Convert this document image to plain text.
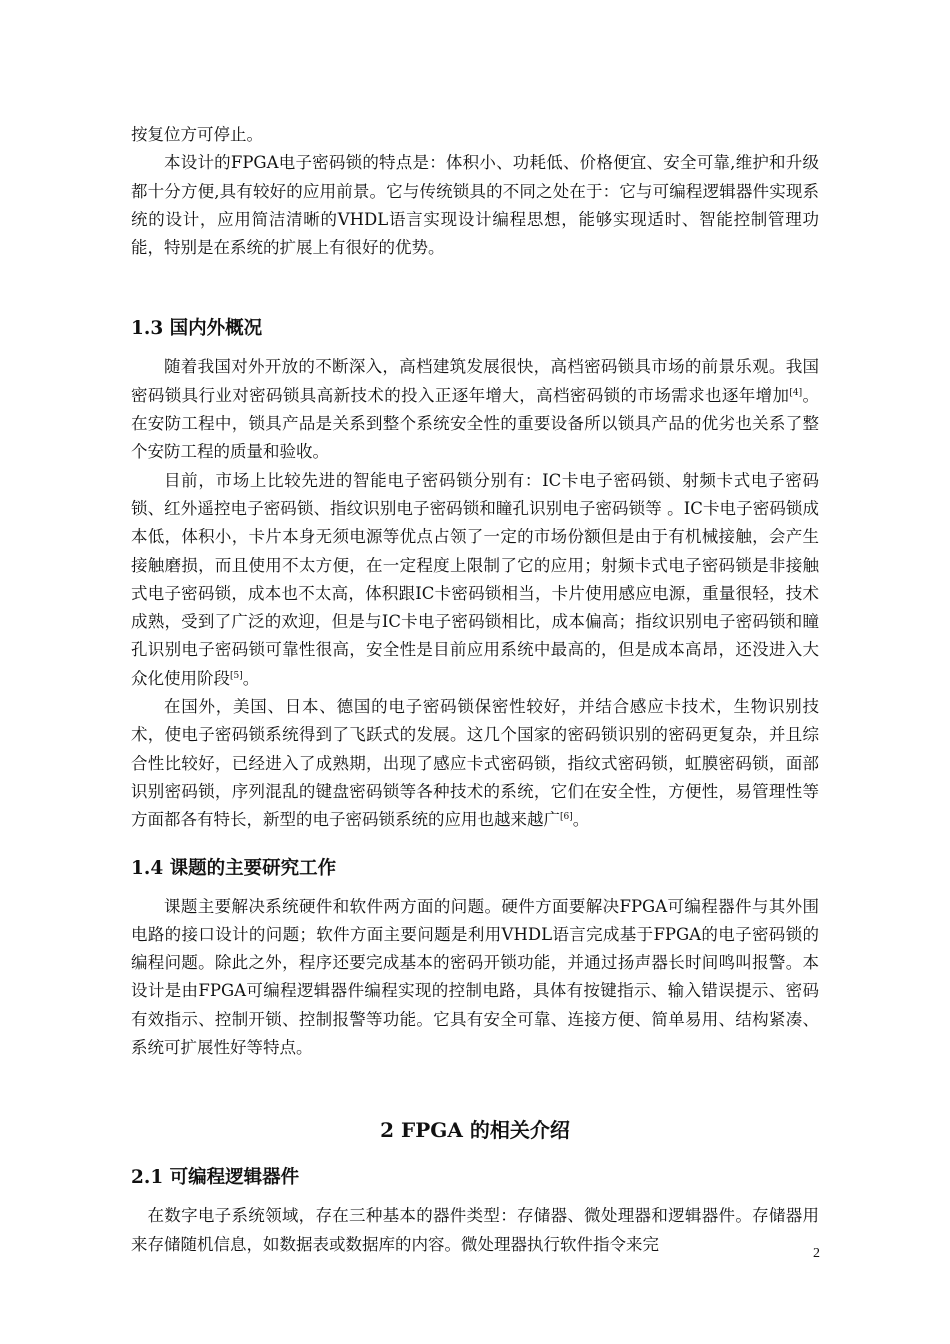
按复位方可停止。

本设计的FPGA电子密码锁的特点是：体积小、功耗低、价格便宜、安全可靠,维护和升级都十分方便,具有较好的应用前景。它与传统锁具的不同之处在于：它与可编程逻辑器件实现系统的设计，应用简洁清晰的VHDL语言实现设计编程思想，能够实现适时、智能控制管理功能，特别是在系统的扩展上有很好的优势。

1.3 国内外概况

随着我国对外开放的不断深入，高档建筑发展很快，高档密码锁具市场的前景乐观。我国密码锁具行业对密码锁具高新技术的投入正逐年增大，高档密码锁的市场需求也逐年增加[4]。在安防工程中，锁具产品是关系到整个系统安全性的重要设备所以锁具产品的优劣也关系了整个安防工程的质量和验收。

目前，市场上比较先进的智能电子密码锁分别有：IC卡电子密码锁、射频卡式电子密码锁、红外遥控电子密码锁、指纹识别电子密码锁和瞳孔识别电子密码锁等 。IC卡电子密码锁成本低，体积小，卡片本身无须电源等优点占领了一定的市场份额但是由于有机械接触，会产生接触磨损，而且使用不太方便，在一定程度上限制了它的应用；射频卡式电子密码锁是非接触式电子密码锁，成本也不太高，体积跟IC卡密码锁相当，卡片使用感应电源，重量很轻，技术成熟，受到了广泛的欢迎，但是与IC卡电子密码锁相比，成本偏高；指纹识别电子密码锁和瞳孔识别电子密码锁可靠性很高，安全性是目前应用系统中最高的，但是成本高昂，还没进入大众化使用阶段[5]。

在国外，美国、日本、德国的电子密码锁保密性较好，并结合感应卡技术，生物识别技术，使电子密码锁系统得到了飞跃式的发展。这几个国家的密码锁识别的密码更复杂，并且综合性比较好，已经进入了成熟期，出现了感应卡式密码锁，指纹式密码锁，虹膜密码锁，面部识别密码锁，序列混乱的键盘密码锁等各种技术的系统，它们在安全性，方便性，易管理性等方面都各有特长，新型的电子密码锁系统的应用也越来越广[6]。

1.4 课题的主要研究工作

课题主要解决系统硬件和软件两方面的问题。硬件方面要解决FPGA可编程器件与其外围电路的接口设计的问题；软件方面主要问题是利用VHDL语言完成基于FPGA的电子密码锁的编程问题。除此之外，程序还要完成基本的密码开锁功能，并通过扬声器长时间鸣叫报警。本设计是由FPGA可编程逻辑器件编程实现的控制电路，具体有按键指示、输入错误提示、密码有效指示、控制开锁、控制报警等功能。它具有安全可靠、连接方便、简单易用、结构紧凑、系统可扩展性好等特点。

2 FPGA 的相关介绍
2.1 可编程逻辑器件

在数字电子系统领域，存在三种基本的器件类型：存储器、微处理器和逻辑器件。存储器用来存储随机信息，如数据表或数据库的内容。微处理器执行软件指令来完	2
